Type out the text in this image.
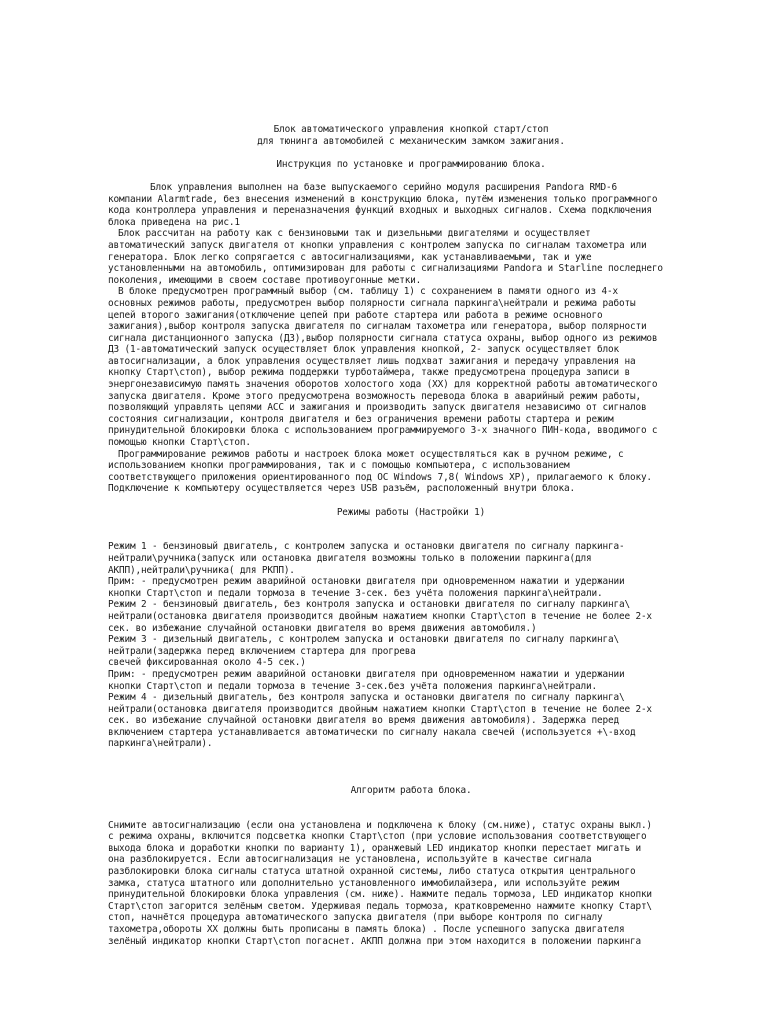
Блок автоматического управления кнопкой старт/стоп
для тюнинга автомобилей с механическим замком зажигания.
Инструкция по установке и программированию блока.
Блок управления выполнен на базе выпускаемого серийно модуля расширения Pandora RMD-6
компании Alarmtrade, без внесения изменений в конструкцию блока, путём изменения только программного
кода контроллера управления и переназначения функций входных и выходных сигналов. Схема подключения
блока приведена на рис.1
Блок рассчитан на работу как с бензиновыми так и дизельными двигателями и осуществляет
автоматический запуск двигателя от кнопки управления с контролем запуска по сигналам тахометра или
генератора. Блок легко сопрягается с автосигнализациями, как устанавливаемыми, так и уже
установленными на автомобиль, оптимизирован для работы с сигнализациями Pandora и Starline последнего
поколения, имеющими в своем составе противоугонные метки.
В блоке предусмотрен программный выбор (см. таблицу 1) с сохранением в памяти одного из 4-х
основных режимов работы, предусмотрен выбор полярности сигнала паркинга\нейтрали и режима работы
цепей второго зажигания(отключение цепей при работе стартера или работа в режиме основного
зажигания),выбор контроля запуска двигателя по сигналам тахометра или генератора, выбор полярности
сигнала дистанционного запуска (ДЗ),выбор полярности сигнала статуса охраны, выбор одного из режимов
ДЗ (1-автоматический запуск осуществляет блок управления кнопкой, 2- запуск осуществляет блок
автосигнализации, а блок управления осуществляет лишь подхват зажигания и передачу управления на
кнопку Старт\стоп), выбор режима поддержки турботаймера, также предусмотрена процедура записи в
энергонезависимую память значения оборотов холостого хода (ХХ) для корректной работы автоматического
запуска двигателя. Кроме этого предусмотрена возможность перевода блока в аварийный режим работы,
позволяющий управлять цепями АСС и зажигания и производить запуск двигателя независимо от сигналов
состояния сигнализации, контроля двигателя и без ограничения времени работы стартера и режим
принудительной блокировки блока с использованием программируемого 3-х значного ПИН-кода, вводимого с
помощью кнопки Старт\стоп.
Программирование режимов работы и настроек блока может осуществляться как в ручном режиме, с
использованием кнопки программирования, так и с помощью компьютера, с использованием
соответствующего приложения ориентированного под ОС Windows 7,8( Windows XP), прилагаемого к блоку.
Подключение к компьютеру осуществляется через USB разъём, расположенный внутри блока.
Режимы работы (Настройки 1)
Режим 1 - бензиновый двигатель, с контролем запуска и остановки двигателя по сигналу паркинга-
нейтрали\ручника(запуск или остановка двигателя возможны только в положении паркинга(для
АКПП),нейтрали\ручника( для РКПП).
Прим: - предусмотрен режим аварийной остановки двигателя при одновременном нажатии и удержании
кнопки Старт\стоп и педали тормоза в течение 3-сек. без учёта положения паркинга\нейтрали.
Режим 2 - бензиновый двигатель, без контроля запуска и остановки двигателя по сигналу паркинга\
нейтрали(остановка двигателя производится двойным нажатием кнопки Старт\стоп в течение не более 2-х
сек. во избежание случайной остановки двигателя во время движения автомобиля.)
Режим 3 - дизельный двигатель, с контролем запуска и остановки двигателя по сигналу паркинга\
нейтрали(задержка перед включением стартера для прогрева
свечей фиксированная около 4-5 сек.)
Прим: - предусмотрен режим аварийной остановки двигателя при одновременном нажатии и удержании
кнопки Старт\стоп и педали тормоза в течение 3-сек.без учёта положения паркинга\нейтрали.
Режим 4 - дизельный двигатель, без контроля запуска и остановки двигателя по сигналу паркинга\
нейтрали(остановка двигателя производится двойным нажатием кнопки Старт\стоп в течение не более 2-х
сек. во избежание случайной остановки двигателя во время движения автомобиля). Задержка перед
включением стартера устанавливается автоматически по сигналу накала свечей (используется +\-вход
паркинга\нейтрали).
Алгоритм работа блока.
Снимите автосигнализацию (если она установлена и подключена к блоку (см.ниже), статус охраны выкл.)
с режима охраны, включится подсветка кнопки Старт\стоп (при условие использования соответствующего
выхода блока и доработки кнопки по варианту 1), оранжевый LED индикатор кнопки перестает мигать и
она разблокируется. Если автосигнализация не установлена, используйте в качестве сигнала
разблокировки блока сигналы статуса штатной охранной системы, либо статуса открытия центрального
замка, статуса штатного или дополнительно установленного иммобилайзера, или используйте режим
принудительной блокировки блока управления (см. ниже). Нажмите педаль тормоза, LED индикатор кнопки
Старт\стоп загорится зелёным светом. Удерживая педаль тормоза, кратковременно нажмите кнопку Старт\
стоп, начнётся процедура автоматического запуска двигателя (при выборе контроля по сигналу
тахометра,обороты ХХ должны быть прописаны в память блока) . После успешного запуска двигателя
зелёный индикатор кнопки Старт\стоп погаснет. АКПП должна при этом находится в положении паркинга
